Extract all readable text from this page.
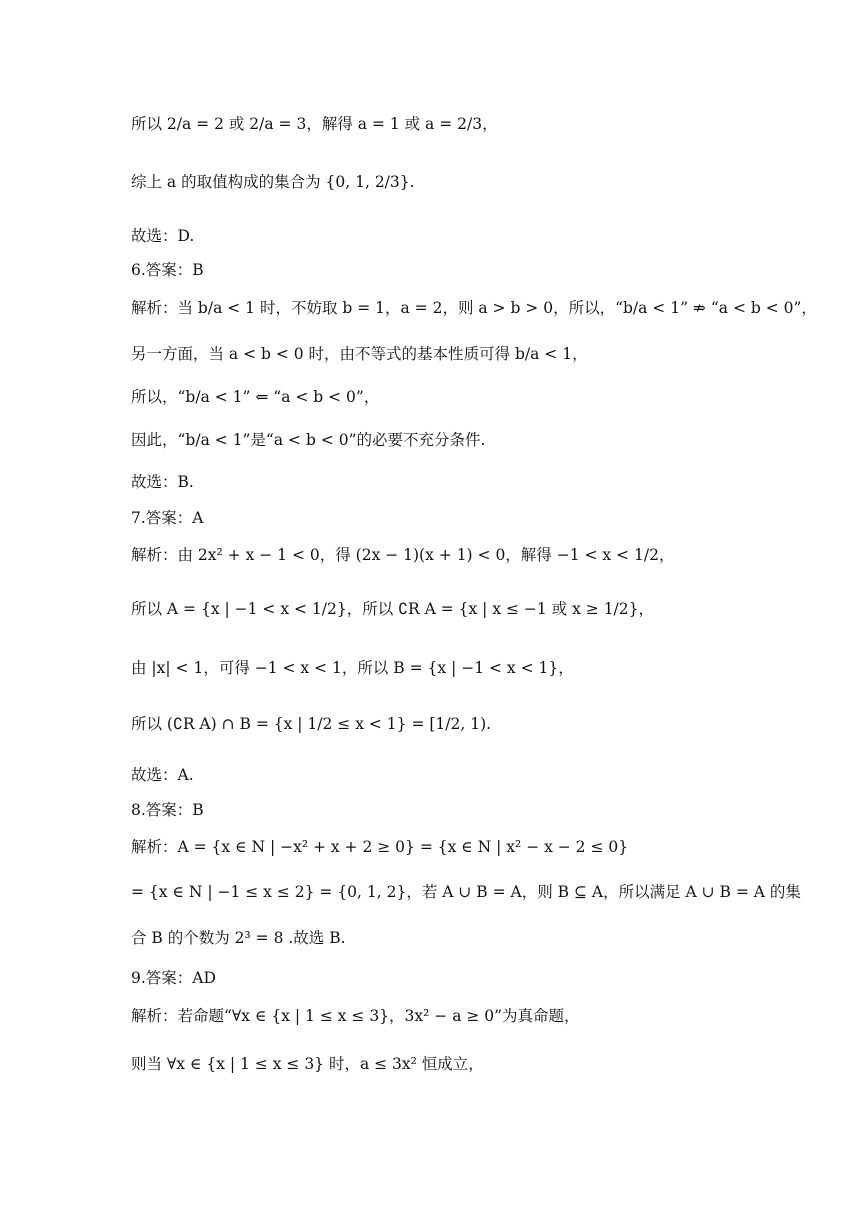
所以 2/a = 2 或 2/a = 3，解得 a = 1 或 a = 2/3，
综上 a 的取值构成的集合为 {0, 1, 2/3}.
故选：D.
6.答案：B
解析：当 b/a < 1 时，不妨取 b = 1，a = 2，则 a > b > 0，所以，“b/a < 1” ⇏ “a < b < 0”，
另一方面，当 a < b < 0 时，由不等式的基本性质可得 b/a < 1，
所以，“b/a < 1” ⇐ “a < b < 0”，
因此，“b/a < 1”是“a < b < 0”的必要不充分条件.
故选：B.
7.答案：A
解析：由 2x² + x − 1 < 0，得 (2x − 1)(x + 1) < 0，解得 −1 < x < 1/2，
所以 A = {x | −1 < x < 1/2}，所以 ∁R A = {x | x ≤ −1 或 x ≥ 1/2}，
由 |x| < 1，可得 −1 < x < 1，所以 B = {x | −1 < x < 1}，
所以 (∁R A) ∩ B = {x | 1/2 ≤ x < 1} = [1/2, 1).
故选：A.
8.答案：B
解析：A = {x ∈ N | −x² + x + 2 ≥ 0} = {x ∈ N | x² − x − 2 ≤ 0}
= {x ∈ N | −1 ≤ x ≤ 2} = {0, 1, 2}，若 A ∪ B = A，则 B ⊆ A，所以满足 A ∪ B = A 的集
合 B 的个数为 2³ = 8 .故选 B.
9.答案：AD
解析：若命题“∀x ∈ {x | 1 ≤ x ≤ 3}，3x² − a ≥ 0”为真命题，
则当 ∀x ∈ {x | 1 ≤ x ≤ 3} 时，a ≤ 3x² 恒成立，
